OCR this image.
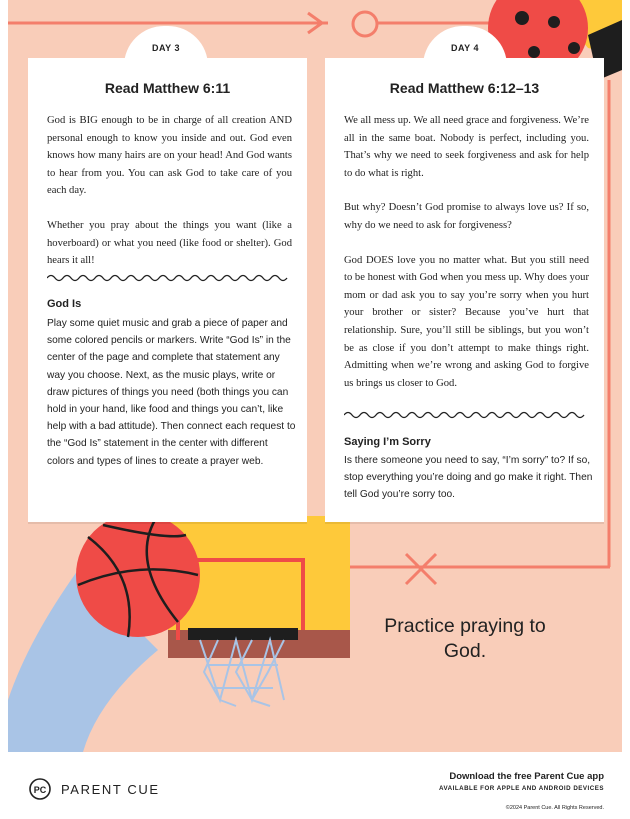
DAY 3
Read Matthew 6:11

God is BIG enough to be in charge of all creation AND personal enough to know you inside and out. God even knows how many hairs are on your head! And God wants to hear from you. You can ask God to take care of you each day.

Whether you pray about the things you want (like a hoverboard) or what you need (like food or shelter). God hears it all!

God Is
Play some quiet music and grab a piece of paper and some colored pencils or markers. Write “God Is” in the center of the page and complete that statement any way you choose. Next, as the music plays, write or draw pictures of things you need (both things you can hold in your hand, like food and things you can’t, like help with a bad attitude). Then connect each request to the “God Is” statement in the center with different colors and types of lines to create a prayer web.
DAY 4
Read Matthew 6:12–13

We all mess up. We all need grace and forgiveness. We’re all in the same boat. Nobody is perfect, including you. That’s why we need to seek forgiveness and ask for help to do what is right.

But why? Doesn’t God promise to always love us? If so, why do we need to ask for forgiveness?

God DOES love you no matter what. But you still need to be honest with God when you mess up. Why does your mom or dad ask you to say you’re sorry when you hurt your brother or sister? Because you’ve hurt that relationship. Sure, you’ll still be siblings, but you won’t be as close if you don’t attempt to make things right. Admitting when we’re wrong and asking God to forgive us brings us closer to God.

Saying I’m Sorry
Is there someone you need to say, “I’m sorry” to? If so, stop everything you’re doing and go make it right. Then tell God you’re sorry too.
Practice praying to God.
PC PARENT CUE
Download the free Parent Cue app
AVAILABLE FOR APPLE AND ANDROID DEVICES
©2024 Parent Cue. All Rights Reserved.
